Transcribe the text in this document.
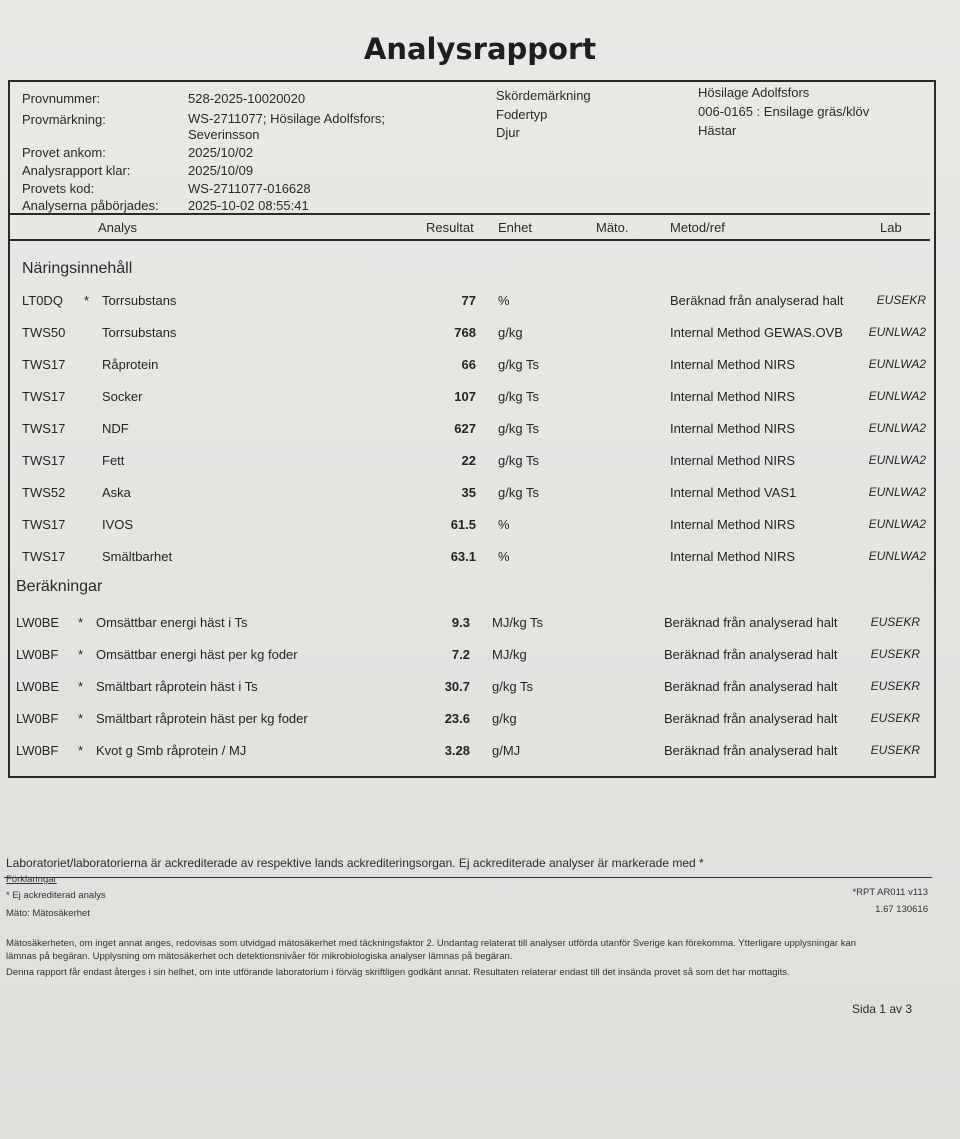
Analysrapport
Provnummer:	528-2025-10020020
Provmärkning:	WS-2711077; Hösilage Adolfsfors;
Severinsson
Provet ankom:	2025/10/02
Analysrapport klar:	2025/10/09
Provets kod:	WS-2711077-016628
Analyserna påbörjades: 2025-10-02 08:55:41
Skördemärkning	Hösilage Adolfsfors
Fodertyp	006-0165 : Ensilage gräs/klöv
Djur	Hästar
Analys	Resultat Enhet	Mäto.	Metod/ref	Lab
Näringsinnehåll
LT0DQ * Torrsubstans	77 %	Beräknad från analyserad halt	EUSEKR
TWS50	Torrsubstans	768 g/kg	Internal Method GEWAS.OVB EUNLWA2
TWS17	Råprotein	66 g/kg Ts	Internal Method NIRS	EUNLWA2
TWS17	Socker	107 g/kg Ts	Internal Method NIRS	EUNLWA2
TWS17	NDF	627 g/kg Ts	Internal Method NIRS	EUNLWA2
TWS17	Fett	22 g/kg Ts	Internal Method NIRS	EUNLWA2
TWS52	Aska	35 g/kg Ts	Internal Method VAS1	EUNLWA2
TWS17	IVOS	61.5 %	Internal Method NIRS	EUNLWA2
TWS17	Smältbarhet	63.1 %	Internal Method NIRS	EUNLWA2
Beräkningar
LW0BE * Omsättbar energi häst i Ts	9.3 MJ/kg Ts	Beräknad från analyserad halt	EUSEKR
LW0BF * Omsättbar energi häst per kg foder	7.2 MJ/kg	Beräknad från analyserad halt	EUSEKR
LW0BE * Smältbart råprotein häst i Ts	30.7 g/kg Ts	Beräknad från analyserad halt	EUSEKR
LW0BF * Smältbart råprotein häst per kg foder	23.6 g/kg	Beräknad från analyserad halt	EUSEKR
LW0BF * Kvot g Smb råprotein / MJ	3.28 g/MJ	Beräknad från analyserad halt	EUSEKR
Laboratoriet/laboratorierna är ackrediterade av respektive lands ackrediteringsorgan. Ej ackrediterade analyser är markerade med *
Förklaringar
* Ej ackrediterad analys
Mäto: Mätosäkerhet
*RPT AR011 v113
1.67 130616
Mätosäkerheten, om inget annat anges, redovisas som utvidgad mätosäkerhet med täckningsfaktor 2. Undantag relaterat till analyser utförda utanför Sverige kan förekomma. Ytterligare upplysningar kan lämnas på begäran. Upplysning om mätosäkerhet och detektionsnivåer för mikrobiologiska analyser lämnas på begäran.
Denna rapport får endast återges i sin helhet, om inte utförande laboratorium i förväg skriftligen godkänt annat. Resultaten relaterar endast till det insända provet så som det har mottagits.
Sida 1 av 3
